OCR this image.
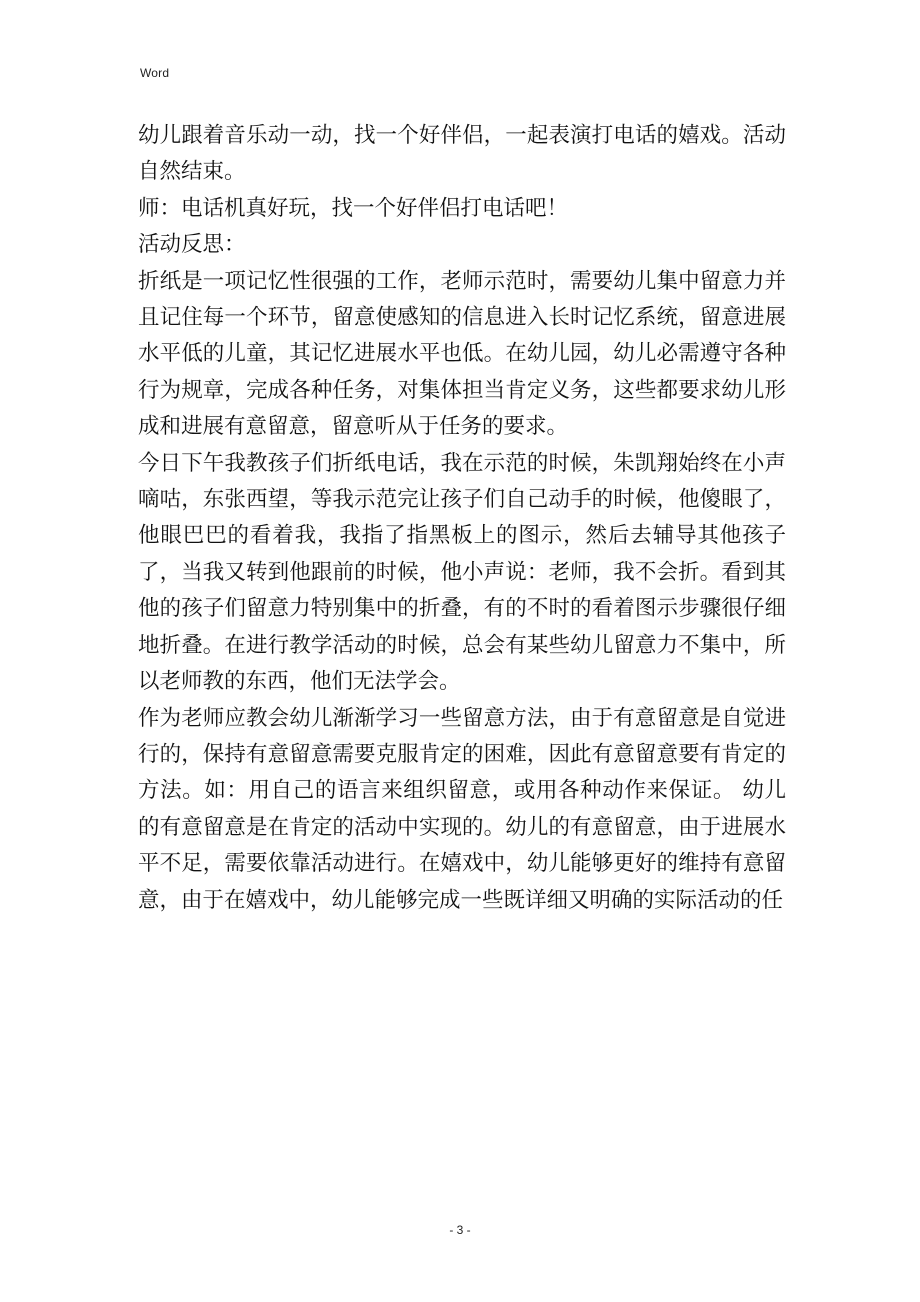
Word

幼儿跟着音乐动一动，找一个好伴侣，一起表演打电话的嬉戏。活动自然结束。

师：电话机真好玩，找一个好伴侣打电话吧！

活动反思：

折纸是一项记忆性很强的工作，老师示范时，需要幼儿集中留意力并且记住每一个环节，留意使感知的信息进入长时记忆系统，留意进展水平低的儿童，其记忆进展水平也低。在幼儿园，幼儿必需遵守各种行为规章，完成各种任务，对集体担当肯定义务，这些都要求幼儿形成和进展有意留意，留意听从于任务的要求。

今日下午我教孩子们折纸电话，我在示范的时候，朱凯翔始终在小声嘀咕，东张西望，等我示范完让孩子们自己动手的时候，他傻眼了，他眼巴巴的看着我，我指了指黑板上的图示，然后去辅导其他孩子了，当我又转到他跟前的时候，他小声说：老师，我不会折。看到其他的孩子们留意力特别集中的折叠，有的不时的看着图示步骤很仔细地折叠。在进行教学活动的时候，总会有某些幼儿留意力不集中，所以老师教的东西，他们无法学会。

作为老师应教会幼儿渐渐学习一些留意方法，由于有意留意是自觉进行的，保持有意留意需要克服肯定的困难，因此有意留意要有肯定的方法。如：用自己的语言来组织留意，或用各种动作来保证。 幼儿的有意留意是在肯定的活动中实现的。幼儿的有意留意，由于进展水平不足，需要依靠活动进行。在嬉戏中，幼儿能够更好的维持有意留意，由于在嬉戏中，幼儿能够完成一些既详细又明确的实际活动的任

- 3 -
